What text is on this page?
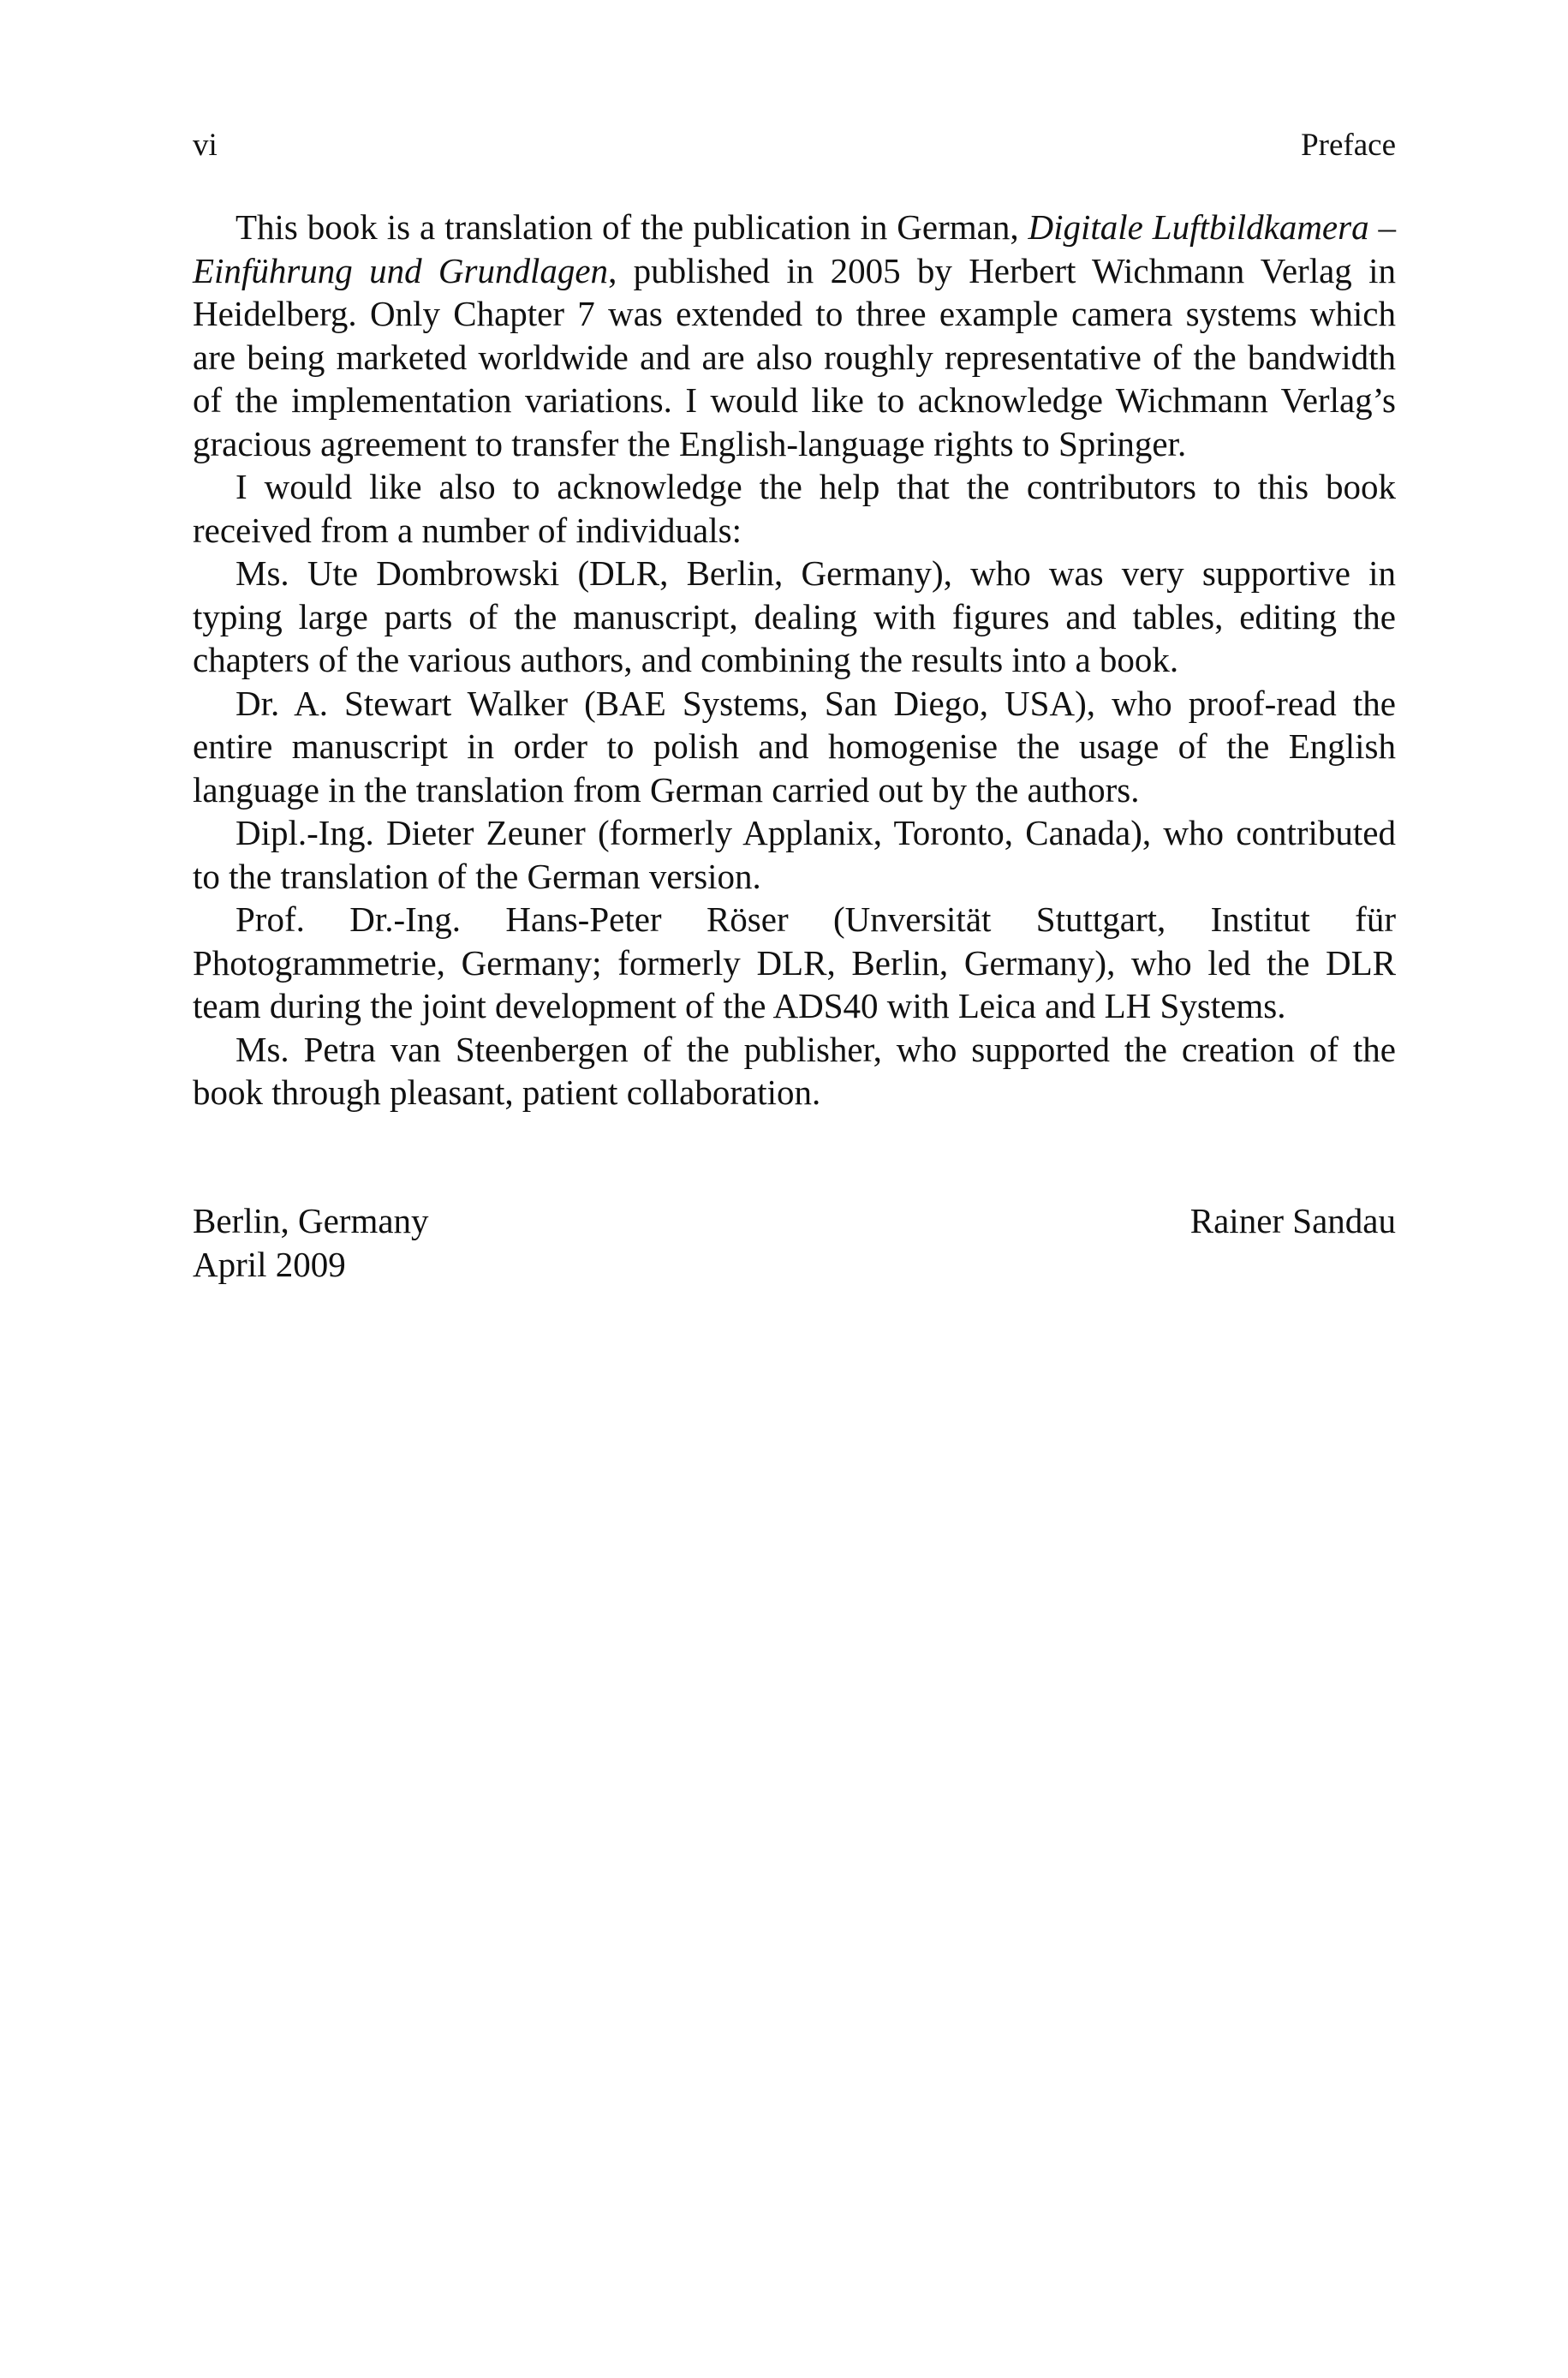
vi	Preface

This book is a translation of the publication in German, Digitale Luftbildkamera – Einführung und Grundlagen, published in 2005 by Herbert Wichmann Verlag in Heidelberg. Only Chapter 7 was extended to three example camera systems which are being marketed worldwide and are also roughly representative of the bandwidth of the implementation variations. I would like to acknowledge Wichmann Verlag’s gracious agreement to transfer the English-language rights to Springer.

I would like also to acknowledge the help that the contributors to this book received from a number of individuals:

Ms. Ute Dombrowski (DLR, Berlin, Germany), who was very supportive in typing large parts of the manuscript, dealing with figures and tables, editing the chapters of the various authors, and combining the results into a book.

Dr. A. Stewart Walker (BAE Systems, San Diego, USA), who proof-read the entire manuscript in order to polish and homogenise the usage of the English language in the translation from German carried out by the authors.

Dipl.-Ing. Dieter Zeuner (formerly Applanix, Toronto, Canada), who contributed to the translation of the German version.

Prof. Dr.-Ing. Hans-Peter Röser (Unversität Stuttgart, Institut für Photogrammetrie, Germany; formerly DLR, Berlin, Germany), who led the DLR team during the joint development of the ADS40 with Leica and LH Systems.

Ms. Petra van Steenbergen of the publisher, who supported the creation of the book through pleasant, patient collaboration.

Berlin, Germany
April 2009
Rainer Sandau
